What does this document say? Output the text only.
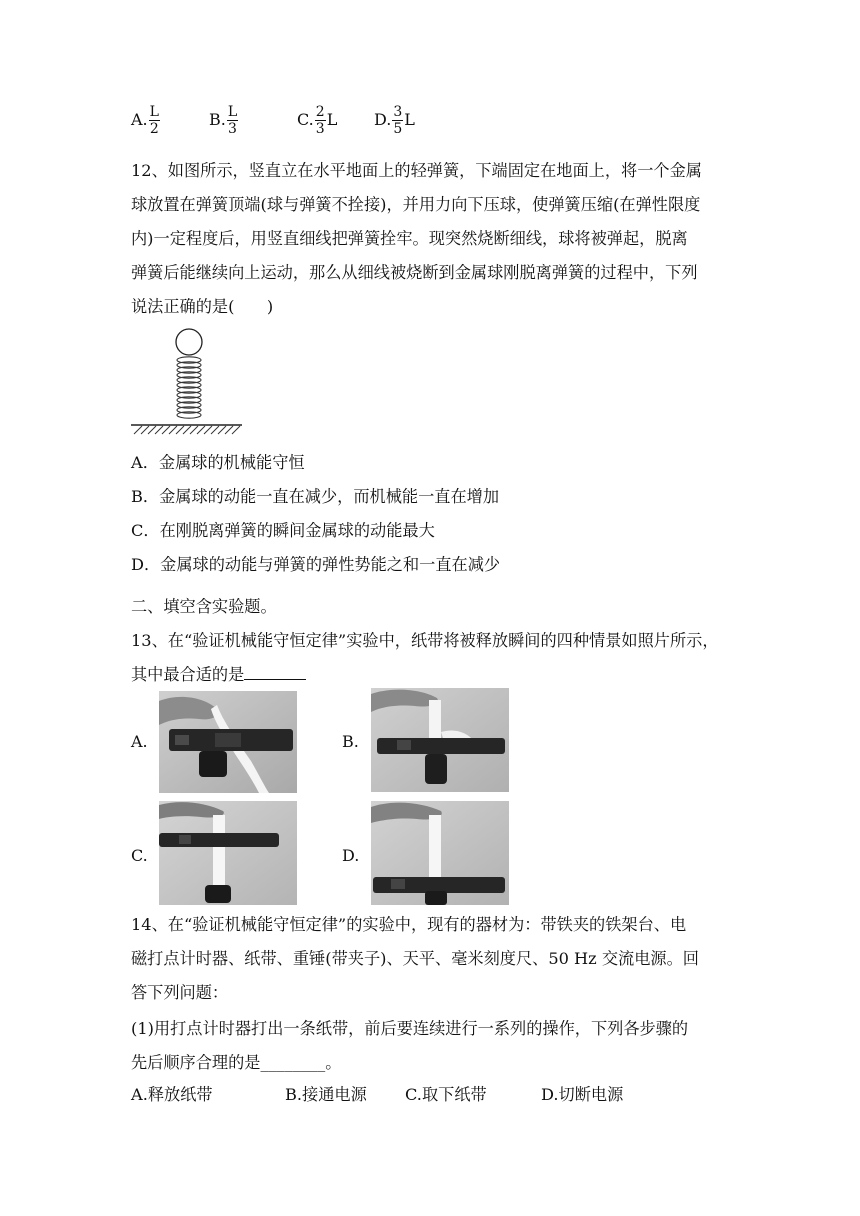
A. $\frac{L}{2}$	B. $\frac{L}{3}$	C. $\frac{2}{3}$ L D. $\frac{3}{5}$ L
12、如图所示，竖直立在水平地面上的轻弹簧，下端固定在地面上，将一个金属
球放置在弹簧顶端(球与弹簧不拴接)，并用力向下压球，使弹簧压缩(在弹性限度
内)一定程度后，用竖直细线把弹簧拴牢。现突然烧断细线，球将被弹起，脱离
弹簧后能继续向上运动，那么从细线被烧断到金属球刚脱离弹簧的过程中，下列
说法正确的是(　　)
A．金属球的机械能守恒
B．金属球的动能一直在减少，而机械能一直在增加
C．在刚脱离弹簧的瞬间金属球的动能最大
D．金属球的动能与弹簧的弹性势能之和一直在减少
二、填空含实验题。
13、在“验证机械能守恒定律”实验中，纸带将被释放瞬间的四种情景如照片所示，
其中最合适的是
A.	B.
C.	D.
14、在“验证机械能守恒定律”的实验中，现有的器材为：带铁夹的铁架台、电
磁打点计时器、纸带、重锤(带夹子)、天平、毫米刻度尺、50 Hz 交流电源。回
答下列问题：
(1)用打点计时器打出一条纸带，前后要连续进行一系列的操作，下列各步骤的
先后顺序合理的是________。
A.释放纸带	B.接通电源 C.取下纸带	D.切断电源
